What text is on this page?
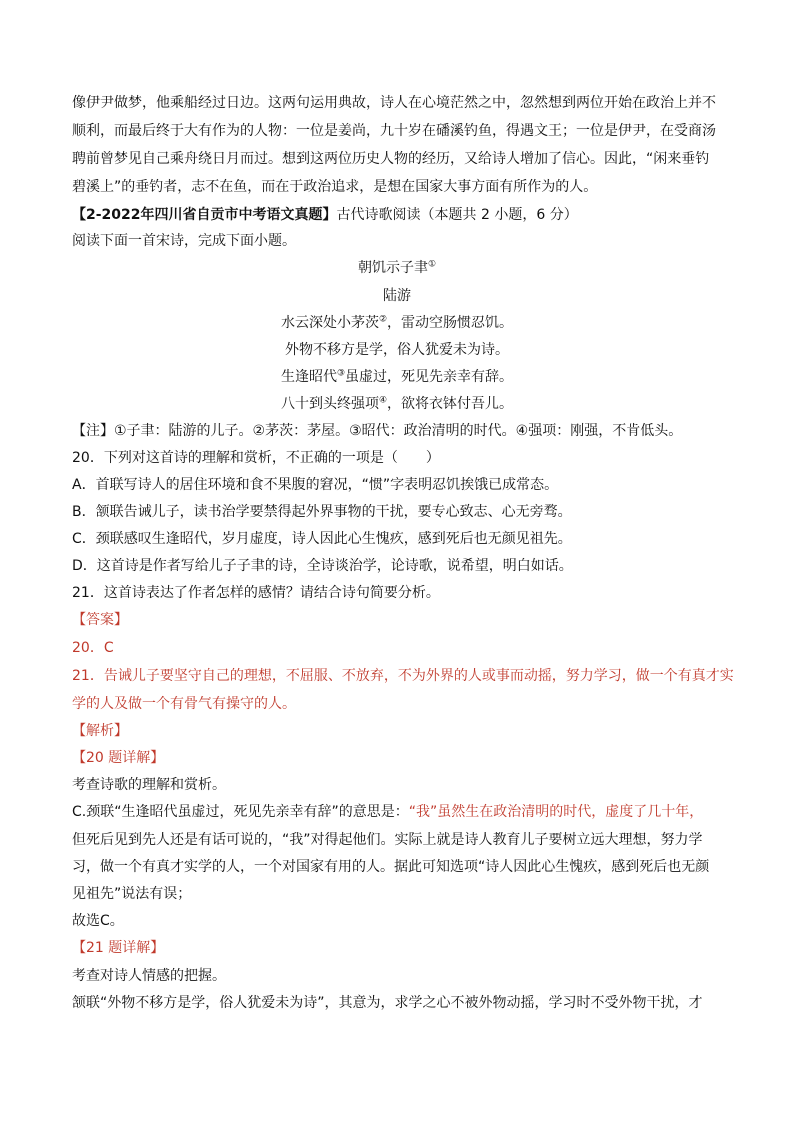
像伊尹做梦，他乘船经过日边。这两句运用典故，诗人在心境茫然之中，忽然想到两位开始在政治上并不
顺利，而最后终于大有作为的人物：一位是姜尚，九十岁在磻溪钓鱼，得遇文王；一位是伊尹，在受商汤
聘前曾梦见自己乘舟绕日月而过。想到这两位历史人物的经历，又给诗人增加了信心。因此，“闲来垂钓
碧溪上”的垂钓者，志不在鱼，而在于政治追求，是想在国家大事方面有所作为的人。
【2-2022年四川省自贡市中考语文真题】古代诗歌阅读（本题共 2 小题，6 分）
阅读下面一首宋诗，完成下面小题。
朝饥示子聿①
陆游
水云深处小茅茨②，雷动空肠惯忍饥。
外物不移方是学，俗人犹爱未为诗。
生逢昭代③虽虚过，死见先亲幸有辞。
八十到头终强项④，欲将衣钵付吾儿。
【注】①子聿：陆游的儿子。②茅茨：茅屋。③昭代：政治清明的时代。④强项：刚强，不肯低头。
20．下列对这首诗的理解和赏析，不正确的一项是（　　）
A．首联写诗人的居住环境和食不果腹的窘况，“惯”字表明忍饥挨饿已成常态。
B．颔联告诫儿子，读书治学要禁得起外界事物的干扰，要专心致志、心无旁骛。
C．颈联感叹生逢昭代，岁月虚度，诗人因此心生愧疚，感到死后也无颜见祖先。
D．这首诗是作者写给儿子子聿的诗，全诗谈治学，论诗歌，说希望，明白如话。
21．这首诗表达了作者怎样的感情？请结合诗句简要分析。
【答案】
20．C
21．告诫儿子要坚守自己的理想，不屈服、不放弃，不为外界的人或事而动摇，努力学习，做一个有真才实
学的人及做一个有骨气有操守的人。
【解析】
【20 题详解】
考查诗歌的理解和赏析。
C.颈联“生逢昭代虽虚过，死见先亲幸有辞”的意思是：“我”虽然生在政治清明的时代，虚度了几十年，
但死后见到先人还是有话可说的，“我”对得起他们。实际上就是诗人教育儿子要树立远大理想，努力学
习，做一个有真才实学的人，一个对国家有用的人。据此可知选项“诗人因此心生愧疚，感到死后也无颜
见祖先”说法有误；
故选C。
【21 题详解】
考查对诗人情感的把握。
颔联“外物不移方是学，俗人犹爱未为诗”，其意为，求学之心不被外物动摇，学习时不受外物干扰，才
